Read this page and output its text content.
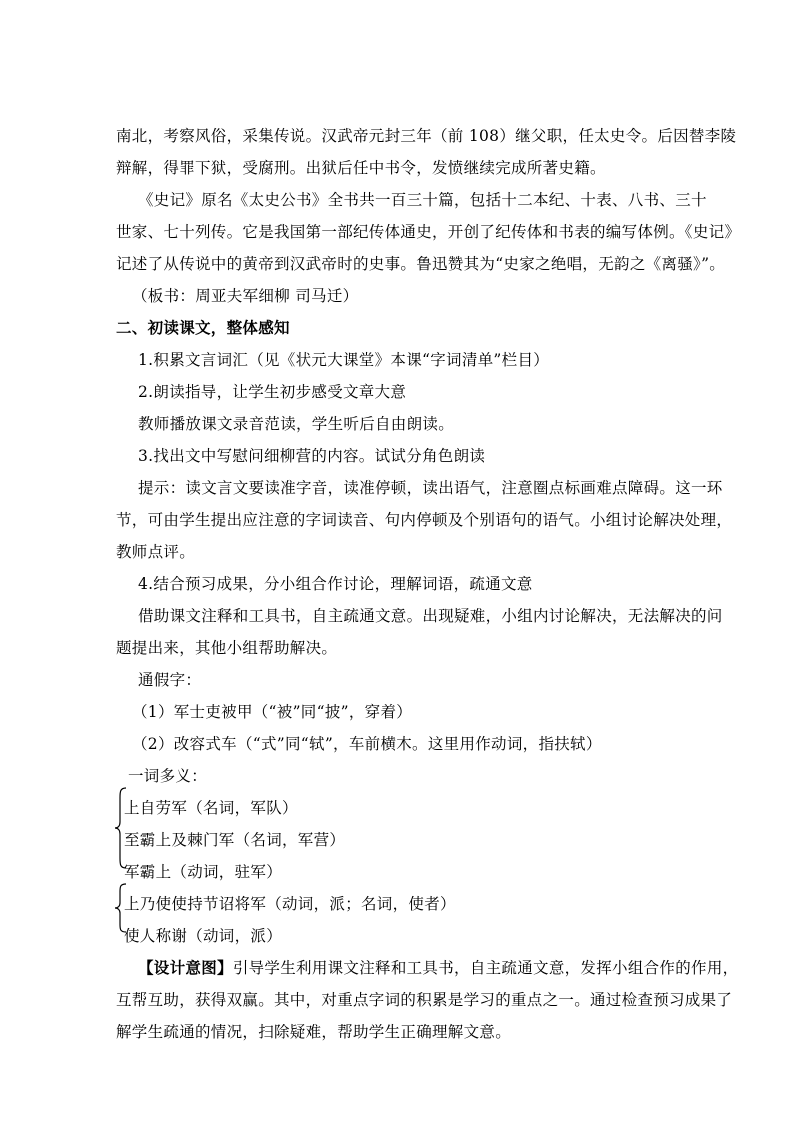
南北，考察风俗，采集传说。汉武帝元封三年（前 108）继父职，任太史令。后因替李陵
辩解，得罪下狱，受腐刑。出狱后任中书令，发愤继续完成所著史籍。
《史记》原名《太史公书》全书共一百三十篇，包括十二本纪、十表、八书、三十
世家、七十列传。它是我国第一部纪传体通史，开创了纪传体和书表的编写体例。《史记》
记述了从传说中的黄帝到汉武帝时的史事。鲁迅赞其为“史家之绝唱，无韵之《离骚》”。
（板书：周亚夫军细柳 司马迁）
二、初读课文，整体感知
1.积累文言词汇（见《状元大课堂》本课“字词清单”栏目）
2.朗读指导，让学生初步感受文章大意
教师播放课文录音范读，学生听后自由朗读。
3.找出文中写慰问细柳营的内容。试试分角色朗读
提示：读文言文要读准字音，读准停顿，读出语气，注意圈点标画难点障碍。这一环
节，可由学生提出应注意的字词读音、句内停顿及个别语句的语气。小组讨论解决处理，
教师点评。
4.结合预习成果，分小组合作讨论，理解词语，疏通文意
借助课文注释和工具书，自主疏通文意。出现疑难，小组内讨论解决，无法解决的问
题提出来，其他小组帮助解决。
通假字：
（1）军士吏被甲（“被”同“披”，穿着）
（2）改容式车（“式”同“轼”，车前横木。这里用作动词，指扶轼）
一词多义：
上自劳军（名词，军队）
至霸上及棘门军（名词，军营）
军霸上（动词，驻军）
上乃使使持节诏将军（动词，派；名词，使者）
使人称谢（动词，派）
【设计意图】引导学生利用课文注释和工具书，自主疏通文意，发挥小组合作的作用，
互帮互助，获得双赢。其中，对重点字词的积累是学习的重点之一。通过检查预习成果了
解学生疏通的情况，扫除疑难，帮助学生正确理解文意。
